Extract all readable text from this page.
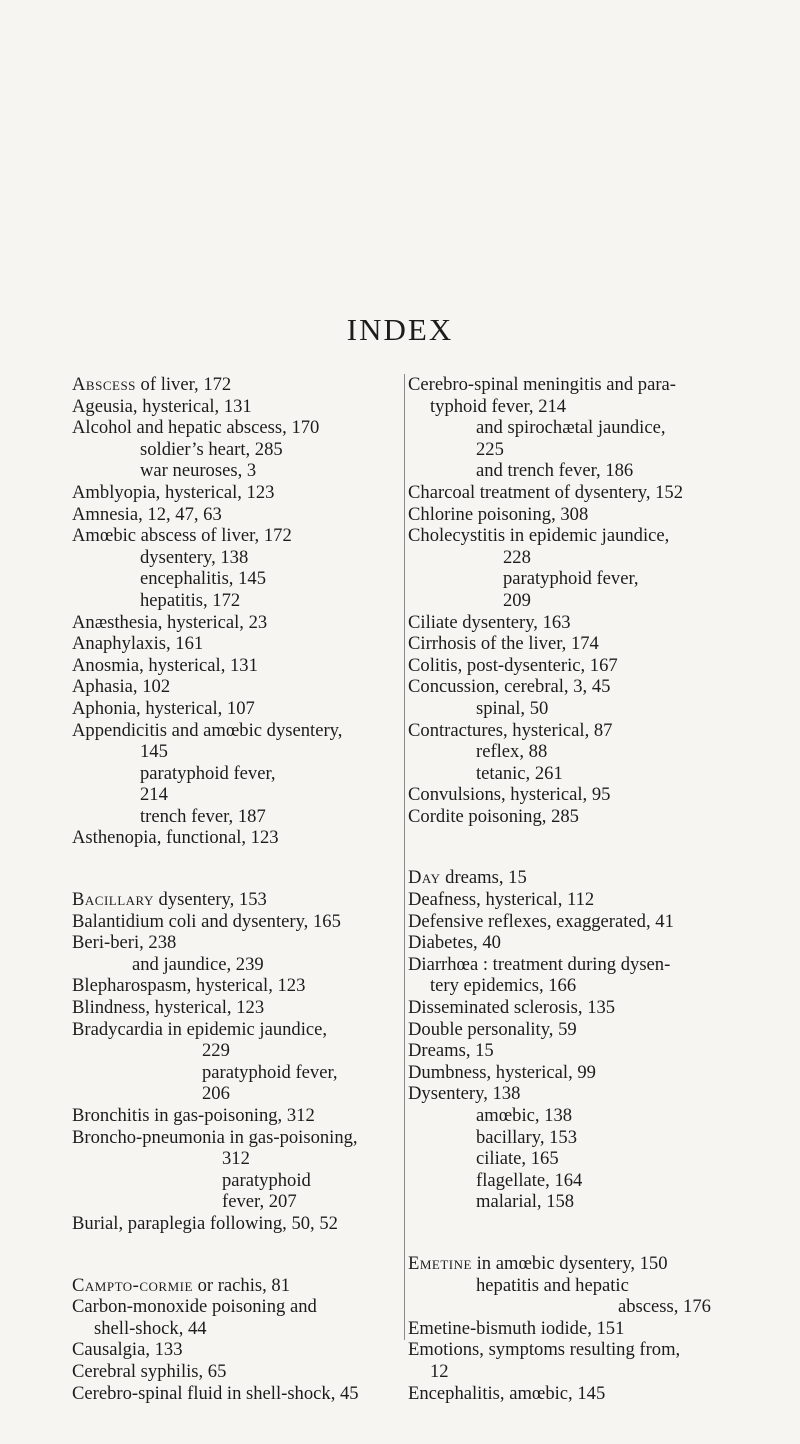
INDEX
Abscess of liver, 172
Ageusia, hysterical, 131
Alcohol and hepatic abscess, 170
soldier’s heart, 285
war neuroses, 3
Amblyopia, hysterical, 123
Amnesia, 12, 47, 63
Amœbic abscess of liver, 172
dysentery, 138
encephalitis, 145
hepatitis, 172
Anæsthesia, hysterical, 23
Anaphylaxis, 161
Anosmia, hysterical, 131
Aphasia, 102
Aphonia, hysterical, 107
Appendicitis and amœbic dysentery,
145
paratyphoid fever,
214
trench fever, 187
Asthenopia, functional, 123
Bacillary dysentery, 153
Balantidium coli and dysentery, 165
Beri-beri, 238
and jaundice, 239
Blepharospasm, hysterical, 123
Blindness, hysterical, 123
Bradycardia in epidemic jaundice,
229
paratyphoid fever,
206
Bronchitis in gas-poisoning, 312
Broncho-pneumonia in gas-poisoning,
312
paratyphoid
fever, 207
Burial, paraplegia following, 50, 52
Campto-cormie or rachis, 81
Carbon-monoxide poisoning and
shell-shock, 44
Causalgia, 133
Cerebral syphilis, 65
Cerebro-spinal fluid in shell-shock, 45
Cerebro-spinal meningitis and para-
typhoid fever, 214
and spirochætal jaundice,
225
and trench fever, 186
Charcoal treatment of dysentery, 152
Chlorine poisoning, 308
Cholecystitis in epidemic jaundice,
228
paratyphoid fever,
209
Ciliate dysentery, 163
Cirrhosis of the liver, 174
Colitis, post-dysenteric, 167
Concussion, cerebral, 3, 45
spinal, 50
Contractures, hysterical, 87
reflex, 88
tetanic, 261
Convulsions, hysterical, 95
Cordite poisoning, 285
Day dreams, 15
Deafness, hysterical, 112
Defensive reflexes, exaggerated, 41
Diabetes, 40
Diarrhœa : treatment during dysen-
tery epidemics, 166
Disseminated sclerosis, 135
Double personality, 59
Dreams, 15
Dumbness, hysterical, 99
Dysentery, 138
amœbic, 138
bacillary, 153
ciliate, 165
flagellate, 164
malarial, 158
Emetine in amœbic dysentery, 150
hepatitis and hepatic
abscess, 176
Emetine-bismuth iodide, 151
Emotions, symptoms resulting from,
12
Encephalitis, amœbic, 145
